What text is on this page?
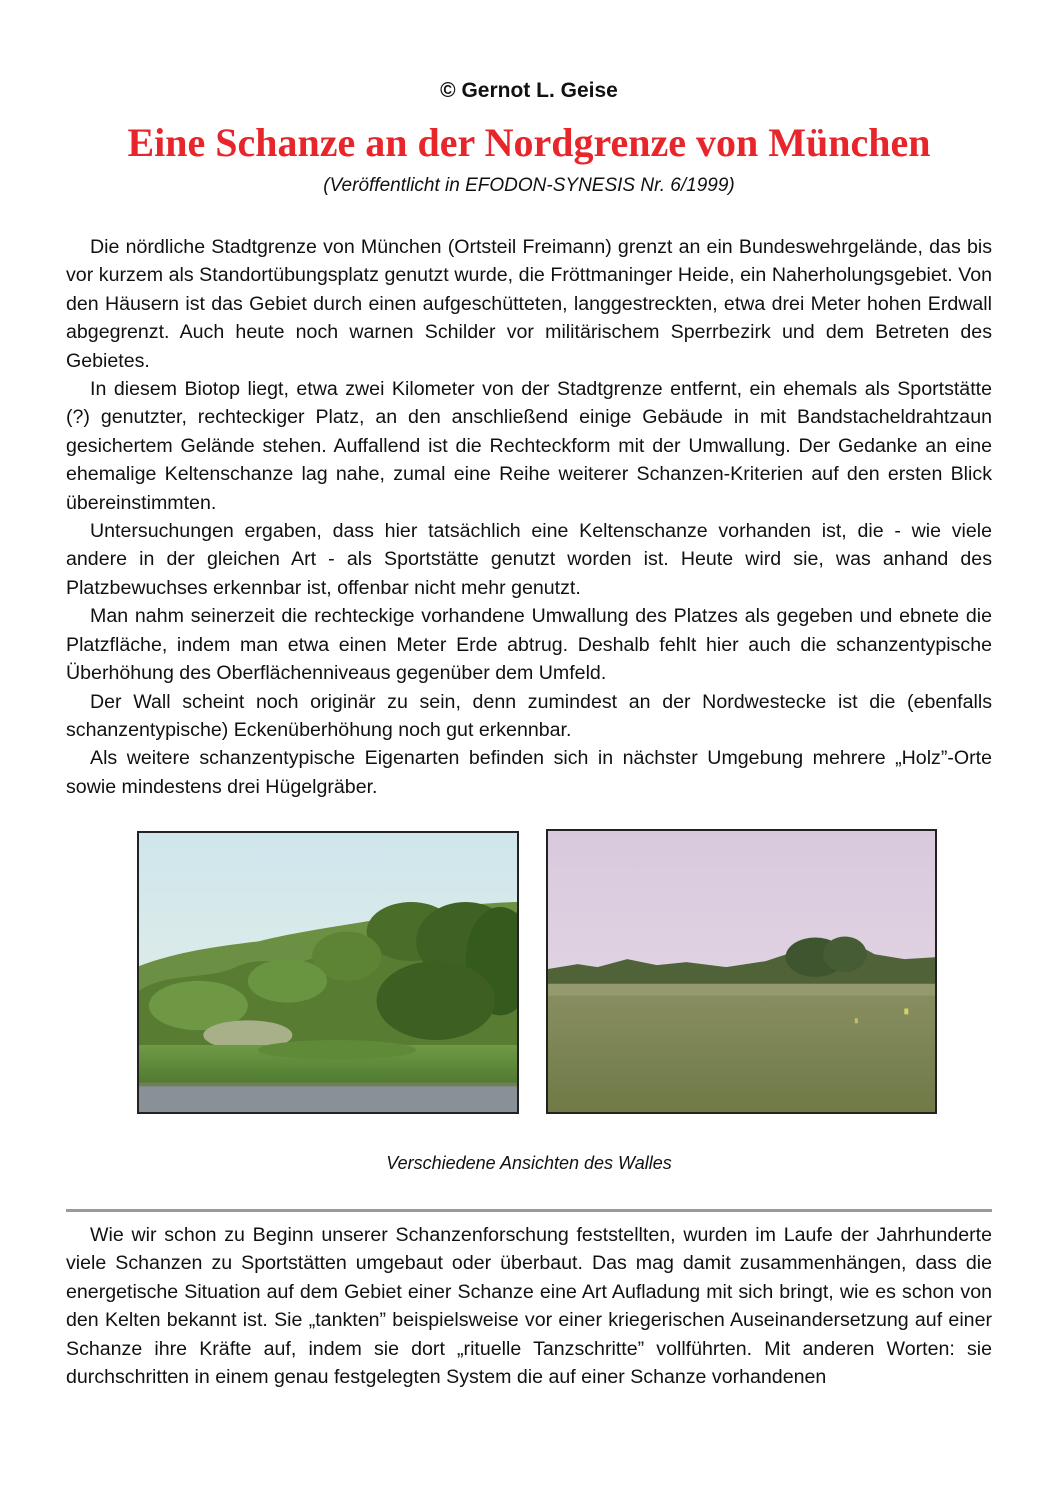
© Gernot L. Geise
Eine Schanze an der Nordgrenze von München
(Veröffentlicht in EFODON-SYNESIS Nr. 6/1999)

Die nördliche Stadtgrenze von München (Ortsteil Freimann) grenzt an ein Bundeswehrgelände, das bis vor kurzem als Standortübungsplatz genutzt wurde, die Fröttmaninger Heide, ein Naherholungsgebiet. Von den Häusern ist das Gebiet durch einen aufgeschütteten, langgestreckten, etwa drei Meter hohen Erdwall abgegrenzt. Auch heute noch warnen Schilder vor militärischem Sperrbezirk und dem Betreten des Gebietes.

In diesem Biotop liegt, etwa zwei Kilometer von der Stadtgrenze entfernt, ein ehemals als Sportstätte (?) genutzter, rechteckiger Platz, an den anschließend einige Gebäude in mit Bandstacheldrahtzaun gesichertem Gelände stehen. Auffallend ist die Rechteckform mit der Umwallung. Der Gedanke an eine ehemalige Keltenschanze lag nahe, zumal eine Reihe weiterer Schanzen-Kriterien auf den ersten Blick übereinstimmten.

Untersuchungen ergaben, dass hier tatsächlich eine Keltenschanze vorhanden ist, die - wie viele andere in der gleichen Art - als Sportstätte genutzt worden ist. Heute wird sie, was anhand des Platzbewuchses erkennbar ist, offenbar nicht mehr genutzt.

Man nahm seinerzeit die rechteckige vorhandene Umwallung des Platzes als gegeben und ebnete die Platzfläche, indem man etwa einen Meter Erde abtrug. Deshalb fehlt hier auch die schanzentypische Überhöhung des Oberflächenniveaus gegenüber dem Umfeld.

Der Wall scheint noch originär zu sein, denn zumindest an der Nordwestecke ist die (ebenfalls schanzentypische) Eckenüberhöhung noch gut erkennbar.

Als weitere schanzentypische Eigenarten befinden sich in nächster Umgebung mehrere „Holz”-Orte sowie mindestens drei Hügelgräber.

Verschiedene Ansichten des Walles

Wie wir schon zu Beginn unserer Schanzenforschung feststellten, wurden im Laufe der Jahrhunderte viele Schanzen zu Sportstätten umgebaut oder überbaut. Das mag damit zusammenhängen, dass die energetische Situation auf dem Gebiet einer Schanze eine Art Aufladung mit sich bringt, wie es schon von den Kelten bekannt ist. Sie „tankten” beispielsweise vor einer kriegerischen Auseinandersetzung auf einer Schanze ihre Kräfte auf, indem sie dort „rituelle Tanzschritte” vollführten. Mit anderen Worten: sie durchschritten in einem genau festgelegten System die auf einer Schanze vorhandenen
